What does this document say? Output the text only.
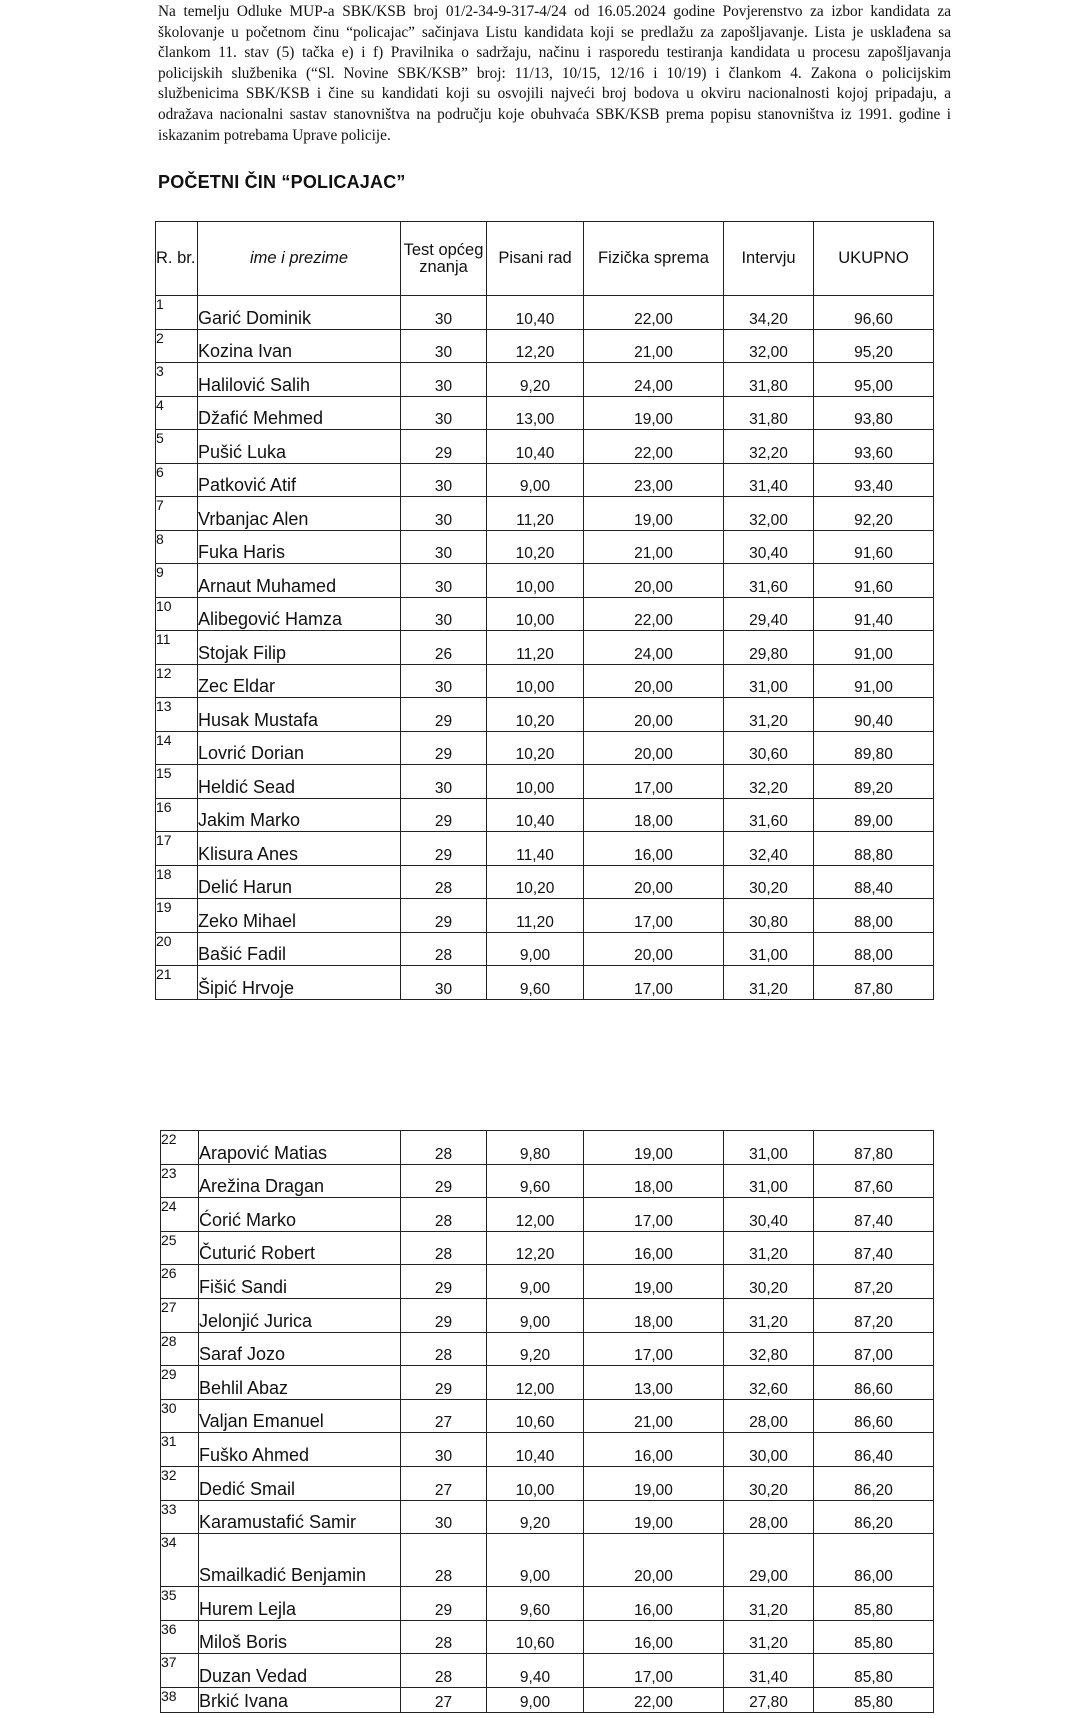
Na temelju Odluke MUP-a SBK/KSB broj 01/2-34-9-317-4/24 od 16.05.2024 godine Povjerenstvo za izbor kandidata za školovanje u početnom činu “policajac” sačinjava Listu kandidata koji se predlažu za zapošljavanje. Lista je usklađena sa člankom 11. stav (5) tačka e) i f) Pravilnika o sadržaju, načinu i rasporedu testiranja kandidata u procesu zapošljavanja policijskih službenika (“Sl. Novine SBK/KSB” broj: 11/13, 10/15, 12/16 i 10/19) i člankom 4. Zakona o policijskim službenicima SBK/KSB i čine su kandidati koji su osvojili najveći broj bodova u okviru nacionalnosti kojoj pripadaju, a odražava nacionalni sastav stanovništva na području koje obuhvaća SBK/KSB prema popisu stanovništva iz 1991. godine i iskazanim potrebama Uprave policije.

POČETNI ČIN “POLICAJAC”
R. br.	ime i prezime	Test općeg znanja	Pisani rad	Fizička sprema	Intervju	UKUPNO
1	Garić Dominik	30	10,40	22,00	34,20	96,60
2	Kozina Ivan	30	12,20	21,00	32,00	95,20
3	Halilović Salih	30	9,20	24,00	31,80	95,00
4	Džafić Mehmed	30	13,00	19,00	31,80	93,80
5	Pušić Luka	29	10,40	22,00	32,20	93,60
6	Patković Atif	30	9,00	23,00	31,40	93,40
7	Vrbanjac Alen	30	11,20	19,00	32,00	92,20
8	Fuka Haris	30	10,20	21,00	30,40	91,60
9	Arnaut Muhamed	30	10,00	20,00	31,60	91,60
10	Alibegović Hamza	30	10,00	22,00	29,40	91,40
11	Stojak Filip	26	11,20	24,00	29,80	91,00
12	Zec Eldar	30	10,00	20,00	31,00	91,00
13	Husak Mustafa	29	10,20	20,00	31,20	90,40
14	Lovrić Dorian	29	10,20	20,00	30,60	89,80
15	Heldić Sead	30	10,00	17,00	32,20	89,20
16	Jakim Marko	29	10,40	18,00	31,60	89,00
17	Klisura Anes	29	11,40	16,00	32,40	88,80
18	Delić Harun	28	10,20	20,00	30,20	88,40
19	Zeko Mihael	29	11,20	17,00	30,80	88,00
20	Bašić Fadil	28	9,00	20,00	31,00	88,00
21	Šipić Hrvoje	30	9,60	17,00	31,20	87,80
22	Arapović Matias	28	9,80	19,00	31,00	87,80
23	Arežina Dragan	29	9,60	18,00	31,00	87,60
24	Ćorić Marko	28	12,00	17,00	30,40	87,40
25	Čuturić Robert	28	12,20	16,00	31,20	87,40
26	Fišić Sandi	29	9,00	19,00	30,20	87,20
27	Jelonjić Jurica	29	9,00	18,00	31,20	87,20
28	Saraf Jozo	28	9,20	17,00	32,80	87,00
29	Behlil Abaz	29	12,00	13,00	32,60	86,60
30	Valjan Emanuel	27	10,60	21,00	28,00	86,60
31	Fuško Ahmed	30	10,40	16,00	30,00	86,40
32	Dedić Smail	27	10,00	19,00	30,20	86,20
33	Karamustafić Samir	30	9,20	19,00	28,00	86,20
34	Smailkadić Benjamin	28	9,00	20,00	29,00	86,00
35	Hurem Lejla	29	9,60	16,00	31,20	85,80
36	Miloš Boris	28	10,60	16,00	31,20	85,80
37	Duzan Vedad	28	9,40	17,00	31,40	85,80
38	Brkić Ivana	27	9,00	22,00	27,80	85,80
